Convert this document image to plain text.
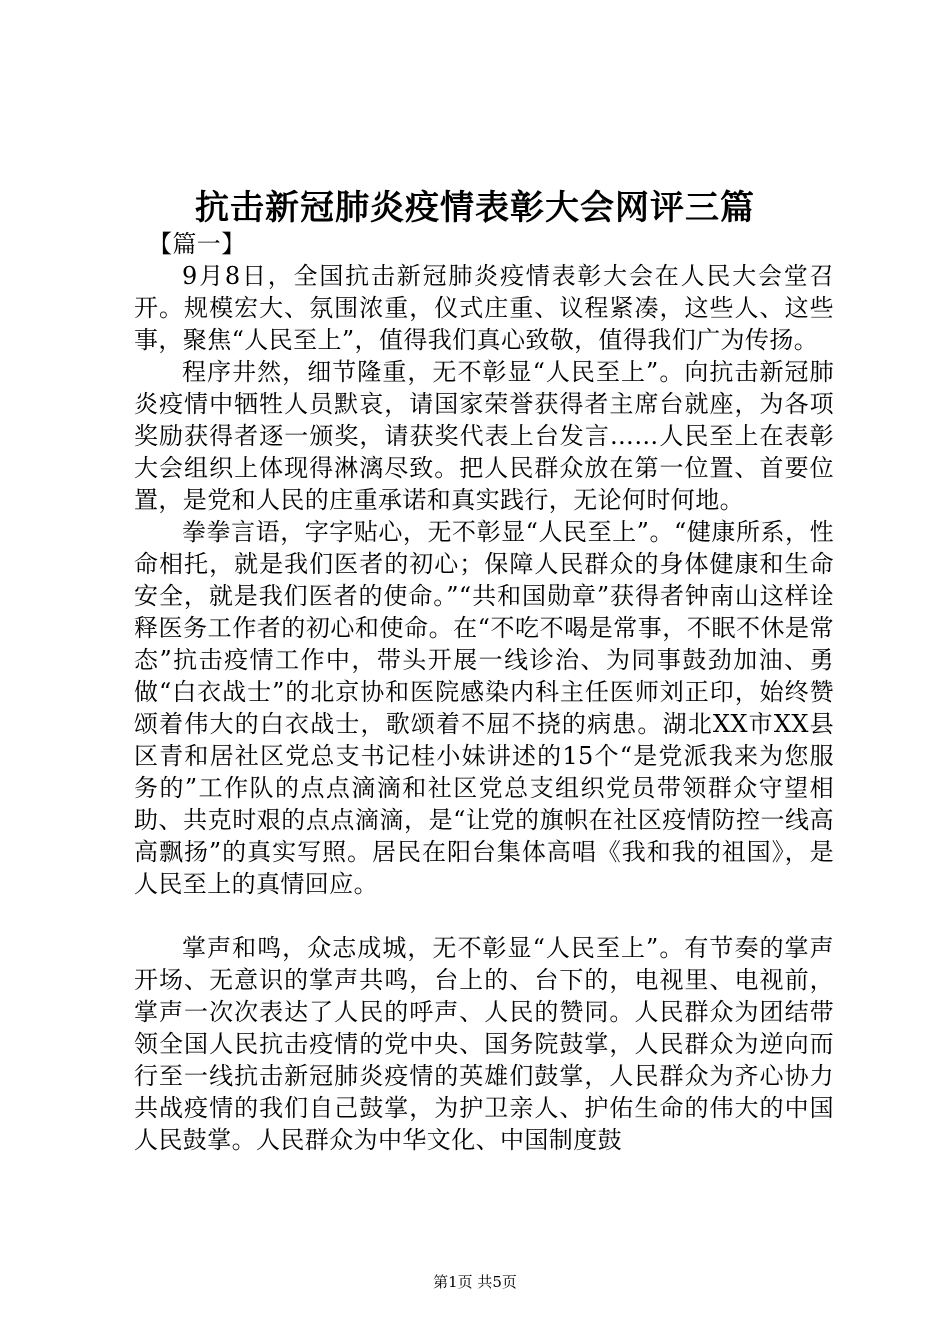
抗击新冠肺炎疫情表彰大会网评三篇

【篇一】

9月8日，全国抗击新冠肺炎疫情表彰大会在人民大会堂召开。规模宏大、氛围浓重，仪式庄重、议程紧凑，这些人、这些事，聚焦“人民至上”，值得我们真心致敬，值得我们广为传扬。

程序井然，细节隆重，无不彰显“人民至上”。向抗击新冠肺炎疫情中牺牲人员默哀，请国家荣誉获得者主席台就座，为各项奖励获得者逐一颁奖，请获奖代表上台发言……人民至上在表彰大会组织上体现得淋漓尽致。把人民群众放在第一位置、首要位置，是党和人民的庄重承诺和真实践行，无论何时何地。

拳拳言语，字字贴心，无不彰显“人民至上”。“健康所系，性命相托，就是我们医者的初心；保障人民群众的身体健康和生命安全，就是我们医者的使命。”“共和国勋章”获得者钟南山这样诠释医务工作者的初心和使命。在“不吃不喝是常事，不眠不休是常态”抗击疫情工作中，带头开展一线诊治、为同事鼓劲加油、勇做“白衣战士”的北京协和医院感染内科主任医师刘正印，始终赞颂着伟大的白衣战士，歌颂着不屈不挠的病患。湖北XX市XX县区青和居社区党总支书记桂小妹讲述的15个“是党派我来为您服务的”工作队的点点滴滴和社区党总支组织党员带领群众守望相助、共克时艰的点点滴滴，是“让党的旗帜在社区疫情防控一线高高飘扬”的真实写照。居民在阳台集体高唱《我和我的祖国》，是人民至上的真情回应。

掌声和鸣，众志成城，无不彰显“人民至上”。有节奏的掌声开场、无意识的掌声共鸣，台上的、台下的，电视里、电视前，掌声一次次表达了人民的呼声、人民的赞同。人民群众为团结带领全国人民抗击疫情的党中央、国务院鼓掌，人民群众为逆向而行至一线抗击新冠肺炎疫情的英雄们鼓掌，人民群众为齐心协力共战疫情的我们自己鼓掌，为护卫亲人、护佑生命的伟大的中国人民鼓掌。人民群众为中华文化、中国制度鼓

第1页 共5页
